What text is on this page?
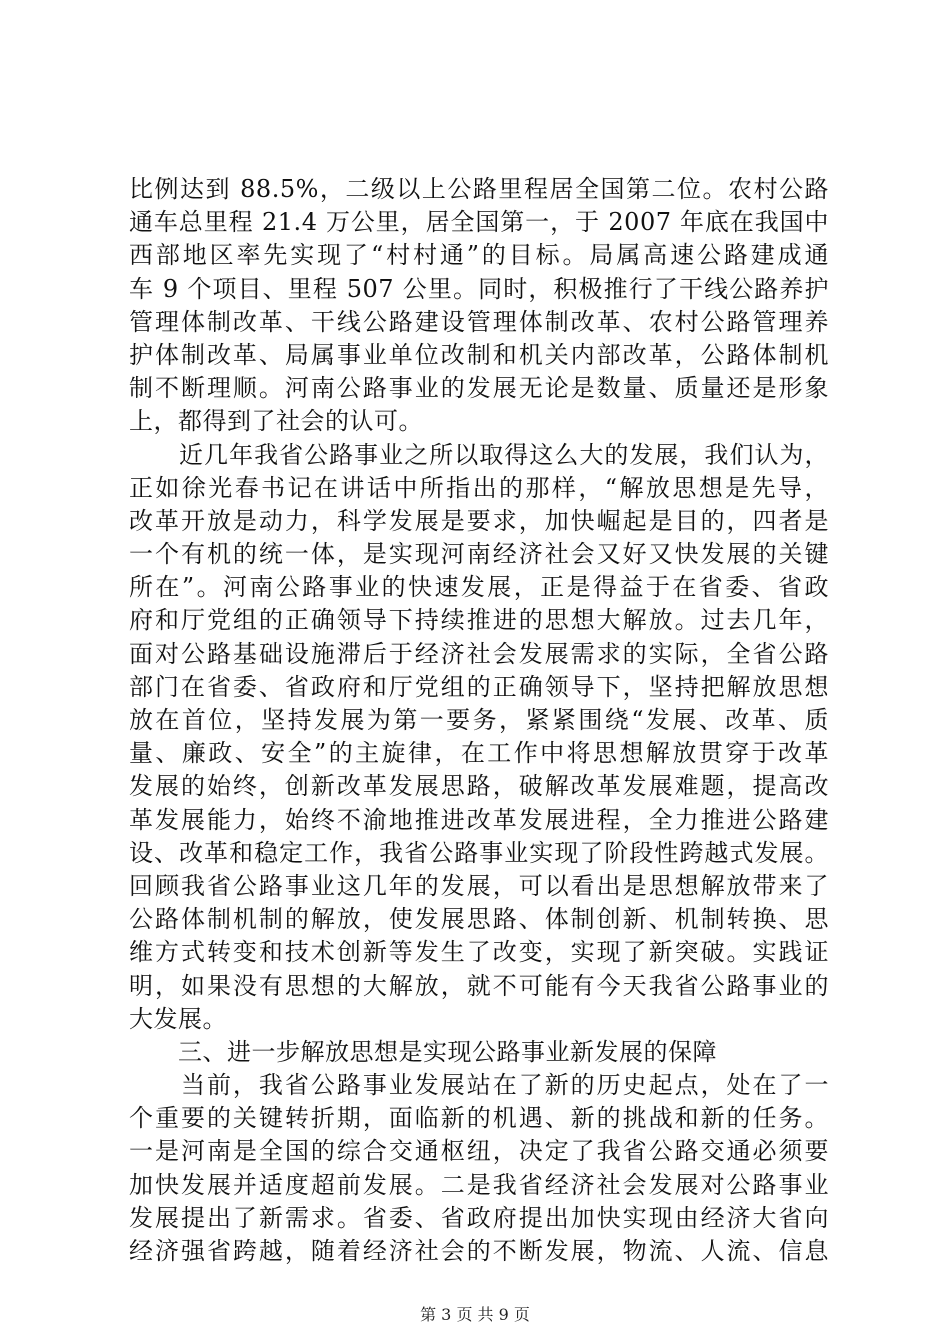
比例达到 88.5%，二级以上公路里程居全国第二位。农村公路
通车总里程 21.4 万公里，居全国第一，于 2007 年底在我国中
西部地区率先实现了“村村通”的目标。局属高速公路建成通
车 9 个项目、里程 507 公里。同时，积极推行了干线公路养护
管理体制改革、干线公路建设管理体制改革、农村公路管理养
护体制改革、局属事业单位改制和机关内部改革，公路体制机
制不断理顺。河南公路事业的发展无论是数量、质量还是形象
上，都得到了社会的认可。
　　近几年我省公路事业之所以取得这么大的发展，我们认为，
正如徐光春书记在讲话中所指出的那样，“解放思想是先导，
改革开放是动力，科学发展是要求，加快崛起是目的，四者是
一个有机的统一体，是实现河南经济社会又好又快发展的关键
所在”。河南公路事业的快速发展，正是得益于在省委、省政
府和厅党组的正确领导下持续推进的思想大解放。过去几年，
面对公路基础设施滞后于经济社会发展需求的实际，全省公路
部门在省委、省政府和厅党组的正确领导下，坚持把解放思想
放在首位，坚持发展为第一要务，紧紧围绕“发展、改革、质
量、廉政、安全”的主旋律，在工作中将思想解放贯穿于改革
发展的始终，创新改革发展思路，破解改革发展难题，提高改
革发展能力，始终不渝地推进改革发展进程，全力推进公路建
设、改革和稳定工作，我省公路事业实现了阶段性跨越式发展。
回顾我省公路事业这几年的发展，可以看出是思想解放带来了
公路体制机制的解放，使发展思路、体制创新、机制转换、思
维方式转变和技术创新等发生了改变，实现了新突破。实践证
明，如果没有思想的大解放，就不可能有今天我省公路事业的
大发展。
　　三、进一步解放思想是实现公路事业新发展的保障
　　当前，我省公路事业发展站在了新的历史起点，处在了一
个重要的关键转折期，面临新的机遇、新的挑战和新的任务。
一是河南是全国的综合交通枢纽，决定了我省公路交通必须要
加快发展并适度超前发展。二是我省经济社会发展对公路事业
发展提出了新需求。省委、省政府提出加快实现由经济大省向
经济强省跨越，随着经济社会的不断发展，物流、人流、信息
第 3 页 共 9 页
